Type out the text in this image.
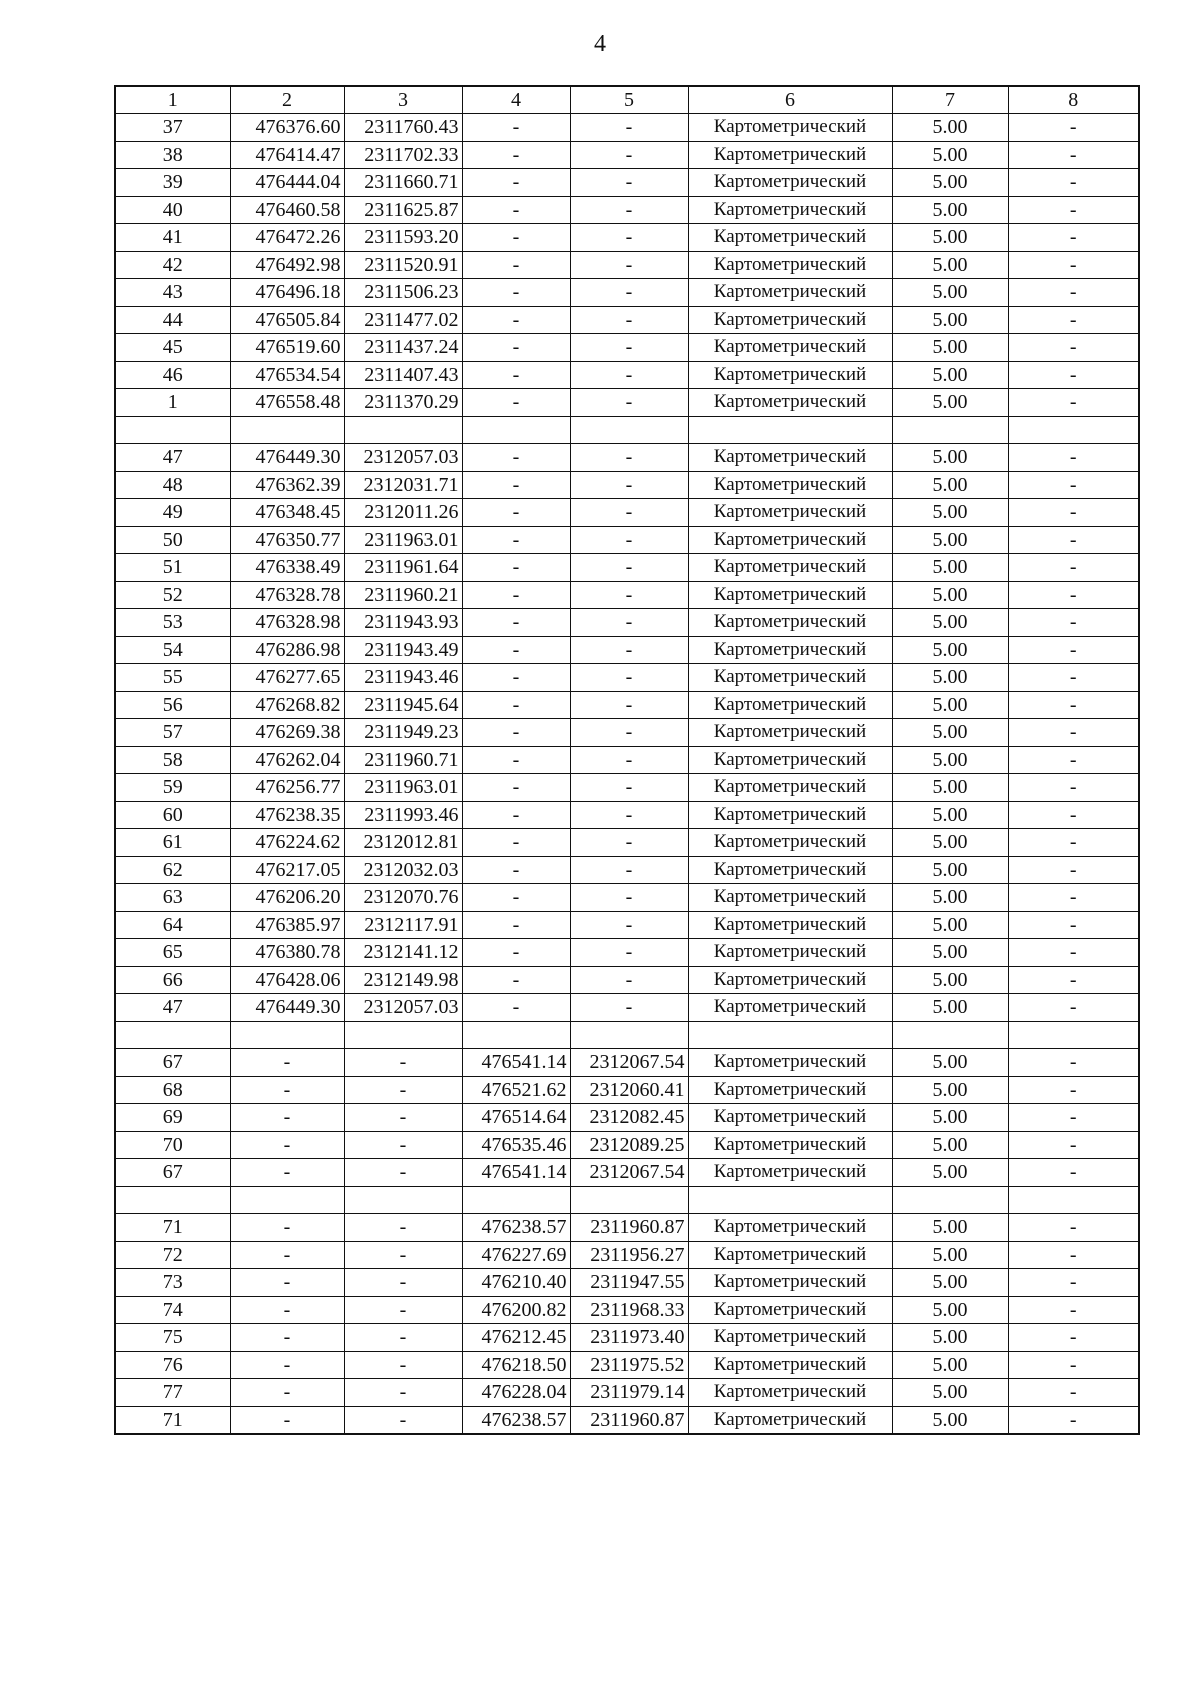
4
1	2	3	4	5	6	7	8
37	476376.60	2311760.43	-	-	Картометрический	5.00	-
38	476414.47	2311702.33	-	-	Картометрический	5.00	-
39	476444.04	2311660.71	-	-	Картометрический	5.00	-
40	476460.58	2311625.87	-	-	Картометрический	5.00	-
41	476472.26	2311593.20	-	-	Картометрический	5.00	-
42	476492.98	2311520.91	-	-	Картометрический	5.00	-
43	476496.18	2311506.23	-	-	Картометрический	5.00	-
44	476505.84	2311477.02	-	-	Картометрический	5.00	-
45	476519.60	2311437.24	-	-	Картометрический	5.00	-
46	476534.54	2311407.43	-	-	Картометрический	5.00	-
1	476558.48	2311370.29	-	-	Картометрический	5.00	-

47	476449.30	2312057.03	-	-	Картометрический	5.00	-
48	476362.39	2312031.71	-	-	Картометрический	5.00	-
49	476348.45	2312011.26	-	-	Картометрический	5.00	-
50	476350.77	2311963.01	-	-	Картометрический	5.00	-
51	476338.49	2311961.64	-	-	Картометрический	5.00	-
52	476328.78	2311960.21	-	-	Картометрический	5.00	-
53	476328.98	2311943.93	-	-	Картометрический	5.00	-
54	476286.98	2311943.49	-	-	Картометрический	5.00	-
55	476277.65	2311943.46	-	-	Картометрический	5.00	-
56	476268.82	2311945.64	-	-	Картометрический	5.00	-
57	476269.38	2311949.23	-	-	Картометрический	5.00	-
58	476262.04	2311960.71	-	-	Картометрический	5.00	-
59	476256.77	2311963.01	-	-	Картометрический	5.00	-
60	476238.35	2311993.46	-	-	Картометрический	5.00	-
61	476224.62	2312012.81	-	-	Картометрический	5.00	-
62	476217.05	2312032.03	-	-	Картометрический	5.00	-
63	476206.20	2312070.76	-	-	Картометрический	5.00	-
64	476385.97	2312117.91	-	-	Картометрический	5.00	-
65	476380.78	2312141.12	-	-	Картометрический	5.00	-
66	476428.06	2312149.98	-	-	Картометрический	5.00	-
47	476449.30	2312057.03	-	-	Картометрический	5.00	-

67	-	-	476541.14	2312067.54	Картометрический	5.00	-
68	-	-	476521.62	2312060.41	Картометрический	5.00	-
69	-	-	476514.64	2312082.45	Картометрический	5.00	-
70	-	-	476535.46	2312089.25	Картометрический	5.00	-
67	-	-	476541.14	2312067.54	Картометрический	5.00	-

71	-	-	476238.57	2311960.87	Картометрический	5.00	-
72	-	-	476227.69	2311956.27	Картометрический	5.00	-
73	-	-	476210.40	2311947.55	Картометрический	5.00	-
74	-	-	476200.82	2311968.33	Картометрический	5.00	-
75	-	-	476212.45	2311973.40	Картометрический	5.00	-
76	-	-	476218.50	2311975.52	Картометрический	5.00	-
77	-	-	476228.04	2311979.14	Картометрический	5.00	-
71	-	-	476238.57	2311960.87	Картометрический	5.00	-
